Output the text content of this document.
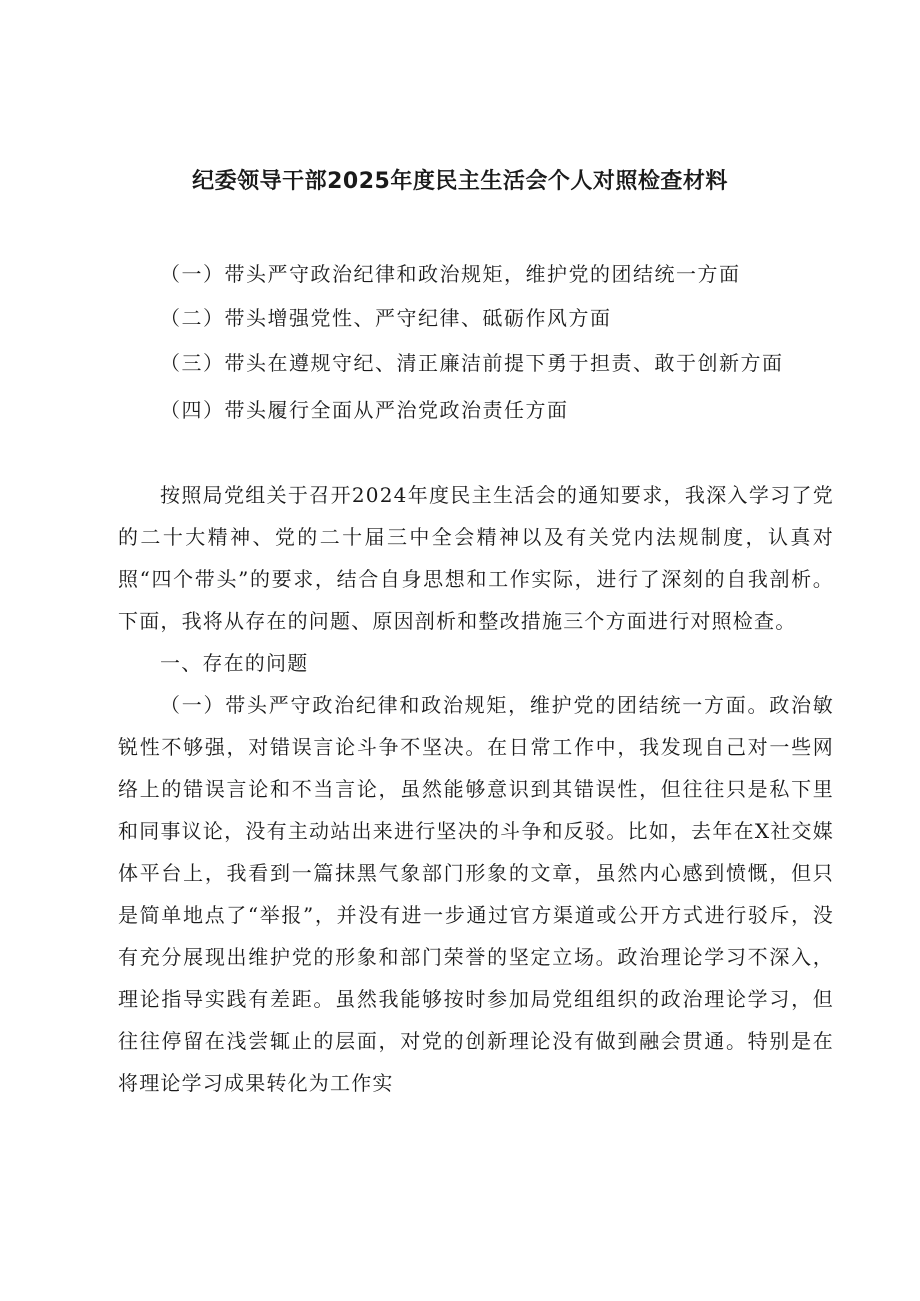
纪委领导干部2025年度民主生活会个人对照检查材料
（一）带头严守政治纪律和政治规矩，维护党的团结统一方面
（二）带头增强党性、严守纪律、砥砺作风方面
（三）带头在遵规守纪、清正廉洁前提下勇于担责、敢于创新方面
（四）带头履行全面从严治党政治责任方面

按照局党组关于召开2024年度民主生活会的通知要求，我深入学习了党的二十大精神、党的二十届三中全会精神以及有关党内法规制度，认真对照“四个带头”的要求，结合自身思想和工作实际，进行了深刻的自我剖析。下面，我将从存在的问题、原因剖析和整改措施三个方面进行对照检查。

一、存在的问题

（一）带头严守政治纪律和政治规矩，维护党的团结统一方面。政治敏锐性不够强，对错误言论斗争不坚决。在日常工作中，我发现自己对一些网络上的错误言论和不当言论，虽然能够意识到其错误性，但往往只是私下里和同事议论，没有主动站出来进行坚决的斗争和反驳。比如，去年在X社交媒体平台上，我看到一篇抹黑气象部门形象的文章，虽然内心感到愤慨，但只是简单地点了“举报”，并没有进一步通过官方渠道或公开方式进行驳斥，没有充分展现出维护党的形象和部门荣誉的坚定立场。政治理论学习不深入，理论指导实践有差距。虽然我能够按时参加局党组组织的政治理论学习，但往往停留在浅尝辄止的层面，对党的创新理论没有做到融会贯通。特别是在将理论学习成果转化为工作实
